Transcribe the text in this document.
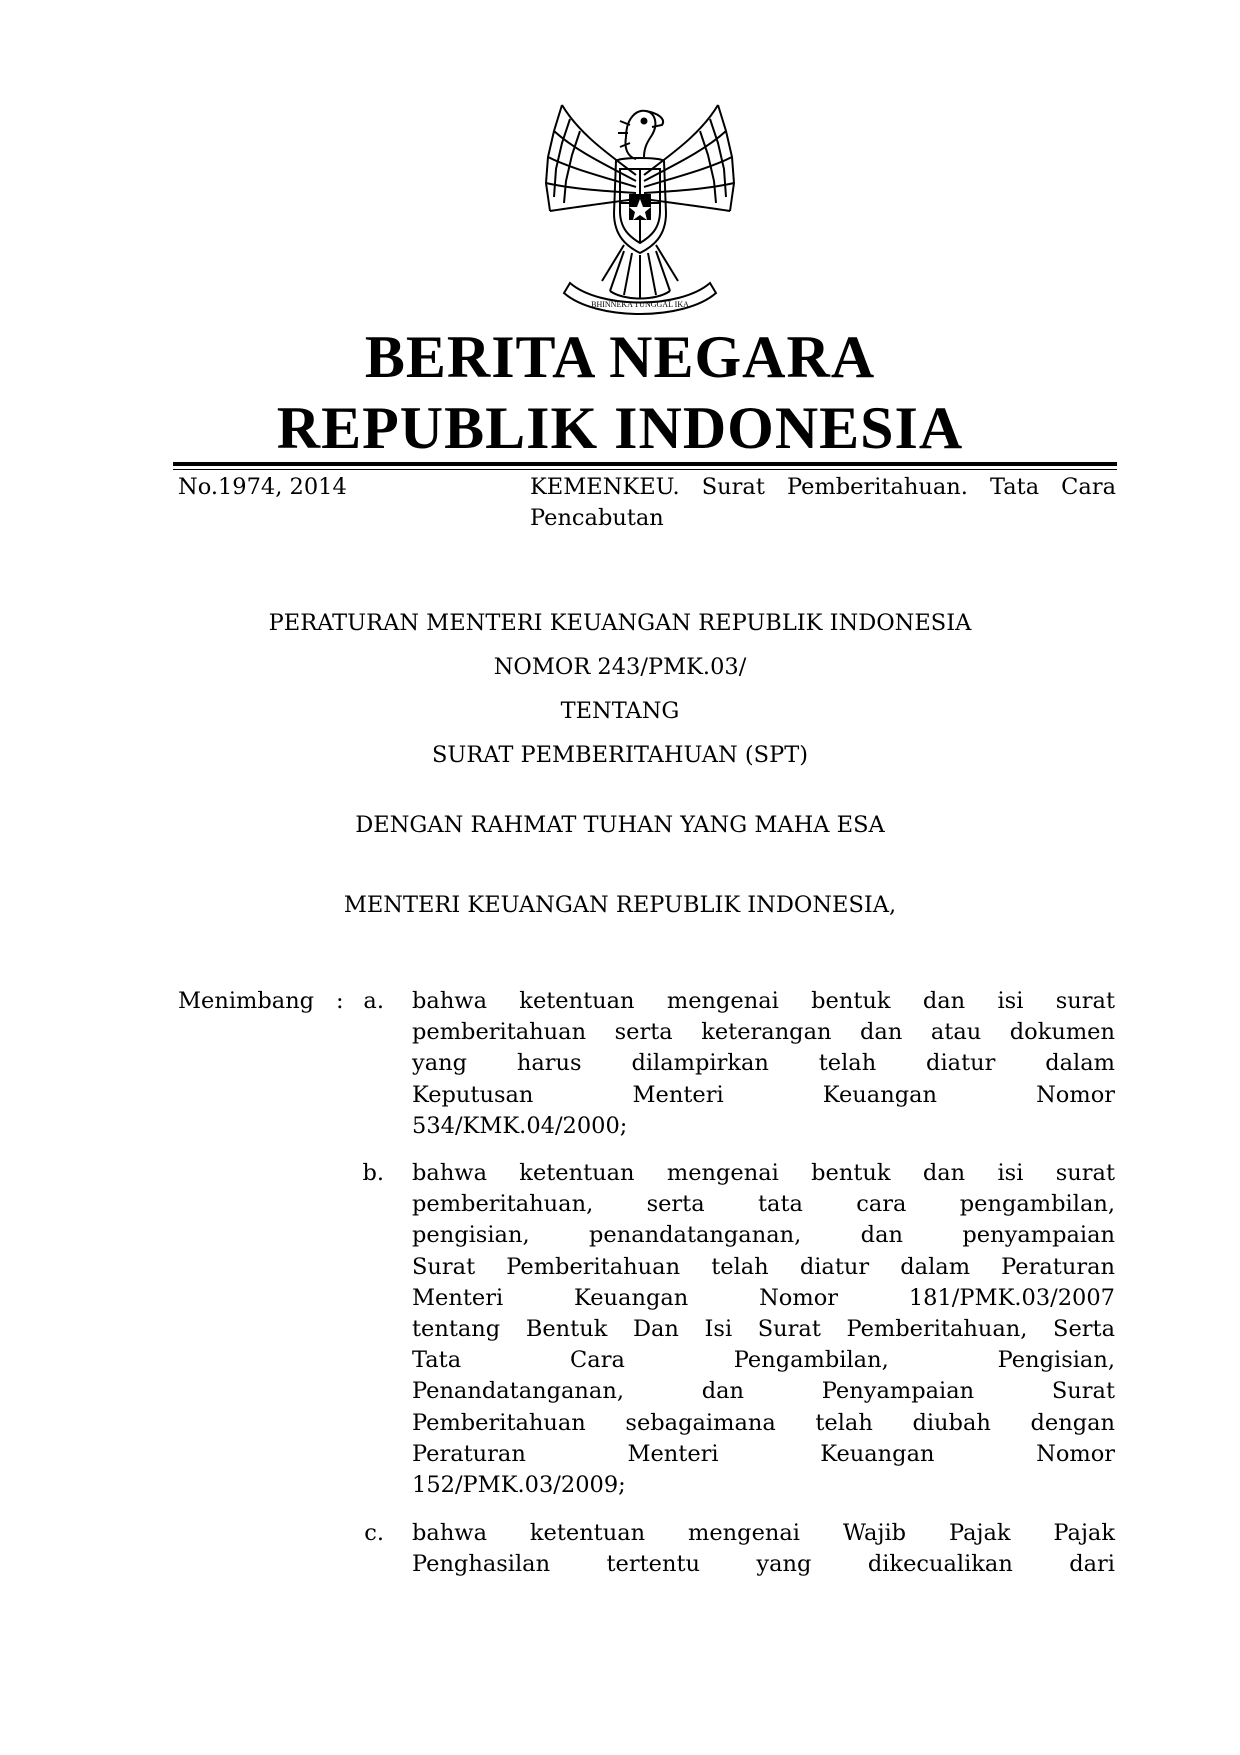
BHINNEKA TUNGGAL IKA
BERITA NEGARA
REPUBLIK INDONESIA
No.1974, 2014	KEMENKEU. Surat Pemberitahuan. Tata Cara Pencabutan
PERATURAN MENTERI KEUANGAN REPUBLIK INDONESIA
NOMOR 243/PMK.03/
TENTANG
SURAT PEMBERITAHUAN (SPT)
DENGAN RAHMAT TUHAN YANG MAHA ESA
MENTERI KEUANGAN REPUBLIK INDONESIA,
Menimbang : a. bahwa ketentuan mengenai bentuk dan isi surat
pemberitahuan serta keterangan dan atau dokumen
yang harus dilampirkan telah diatur dalam
Keputusan Menteri Keuangan Nomor
534/KMK.04/2000;
b. bahwa ketentuan mengenai bentuk dan isi surat
pemberitahuan, serta tata cara pengambilan,
pengisian, penandatanganan, dan penyampaian
Surat Pemberitahuan telah diatur dalam Peraturan
Menteri Keuangan Nomor 181/PMK.03/2007
tentang Bentuk Dan Isi Surat Pemberitahuan, Serta
Tata Cara Pengambilan, Pengisian,
Penandatanganan, dan Penyampaian Surat
Pemberitahuan sebagaimana telah diubah dengan
Peraturan Menteri Keuangan Nomor
152/PMK.03/2009;
c. bahwa ketentuan mengenai Wajib Pajak Pajak
Penghasilan tertentu yang dikecualikan dari
